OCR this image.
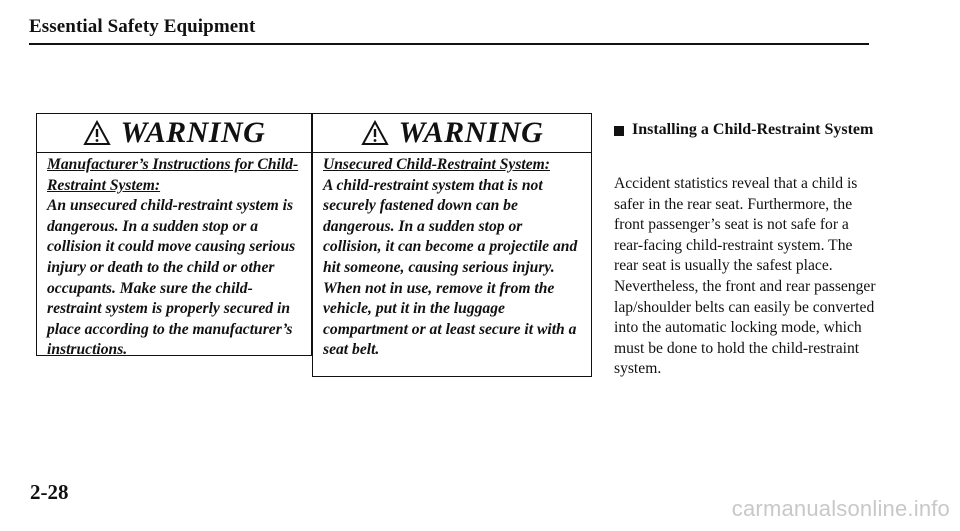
Essential Safety Equipment
WARNING
Manufacturer’s Instructions for Child-Restraint System:
An unsecured child-restraint system is dangerous. In a sudden stop or a collision it could move causing serious injury or death to the child or other occupants. Make sure the child-restraint system is properly secured in place according to the manufacturer’s instructions.
WARNING
Unsecured Child-Restraint System:
A child-restraint system that is not securely fastened down can be dangerous. In a sudden stop or collision, it can become a projectile and hit someone, causing serious injury. When not in use, remove it from the vehicle, put it in the luggage compartment or at least secure it with a seat belt.
Installing a Child-Restraint System
Accident statistics reveal that a child is safer in the rear seat. Furthermore, the front passenger’s seat is not safe for a rear-facing child-restraint system. The rear seat is usually the safest place. Nevertheless, the front and rear passenger lap/shoulder belts can easily be converted into the automatic locking mode, which must be done to hold the child-restraint system.
2-28
carmanualsonline.info
